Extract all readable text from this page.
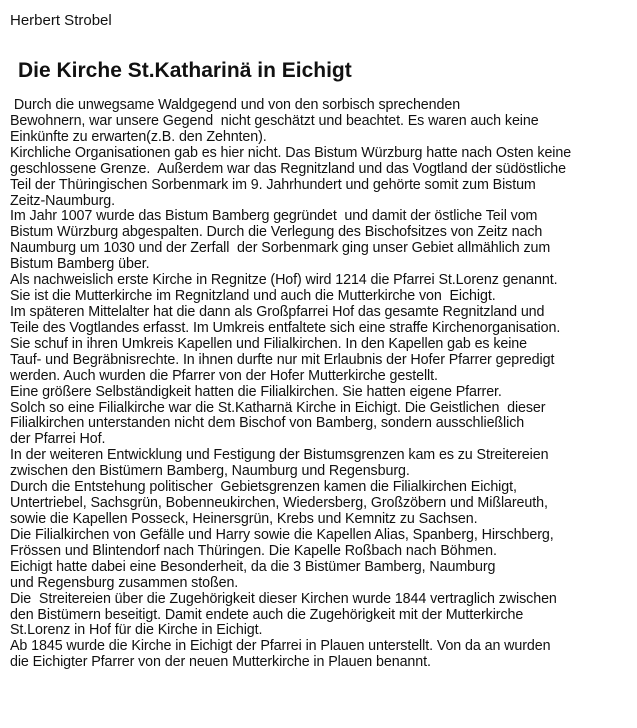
Herbert Strobel
Die Kirche St.Katharinä in Eichigt
Durch die unwegsame Waldgegend und von den sorbisch sprechenden
Bewohnern, war unsere Gegend  nicht geschätzt und beachtet. Es waren auch keine
Einkünfte zu erwarten(z.B. den Zehnten).
Kirchliche Organisationen gab es hier nicht. Das Bistum Würzburg hatte nach Osten keine
geschlossene Grenze.  Außerdem war das Regnitzland und das Vogtland der südöstliche
Teil der Thüringischen Sorbenmark im 9. Jahrhundert und gehörte somit zum Bistum
Zeitz-Naumburg.
Im Jahr 1007 wurde das Bistum Bamberg gegründet  und damit der östliche Teil vom
Bistum Würzburg abgespalten. Durch die Verlegung des Bischofsitzes von Zeitz nach
Naumburg um 1030 und der Zerfall  der Sorbenmark ging unser Gebiet allmählich zum
Bistum Bamberg über.
Als nachweislich erste Kirche in Regnitze (Hof) wird 1214 die Pfarrei St.Lorenz genannt.
Sie ist die Mutterkirche im Regnitzland und auch die Mutterkirche von  Eichigt.
Im späteren Mittelalter hat die dann als Großpfarrei Hof das gesamte Regnitzland und
Teile des Vogtlandes erfasst. Im Umkreis entfaltete sich eine straffe Kirchenorganisation.
Sie schuf in ihren Umkreis Kapellen und Filialkirchen. In den Kapellen gab es keine
Tauf- und Begräbnisrechte. In ihnen durfte nur mit Erlaubnis der Hofer Pfarrer gepredigt
werden. Auch wurden die Pfarrer von der Hofer Mutterkirche gestellt.
Eine größere Selbständigkeit hatten die Filialkirchen. Sie hatten eigene Pfarrer.
Solch so eine Filialkirche war die St.Katharnä Kirche in Eichigt. Die Geistlichen  dieser
Filialkirchen unterstanden nicht dem Bischof von Bamberg, sondern ausschließlich
der Pfarrei Hof.
In der weiteren Entwicklung und Festigung der Bistumsgrenzen kam es zu Streitereien
zwischen den Bistümern Bamberg, Naumburg und Regensburg.
Durch die Entstehung politischer  Gebietsgrenzen kamen die Filialkirchen Eichigt,
Untertriebel, Sachsgrün, Bobenneukirchen, Wiedersberg, Großzöbern und Mißlareuth,
sowie die Kapellen Posseck, Heinersgrün, Krebs und Kemnitz zu Sachsen.
Die Filialkirchen von Gefälle und Harry sowie die Kapellen Alias, Spanberg, Hirschberg,
Frössen und Blintendorf nach Thüringen. Die Kapelle Roßbach nach Böhmen.
Eichigt hatte dabei eine Besonderheit, da die 3 Bistümer Bamberg, Naumburg
und Regensburg zusammen stoßen.
Die  Streitereien über die Zugehörigkeit dieser Kirchen wurde 1844 vertraglich zwischen
den Bistümern beseitigt. Damit endete auch die Zugehörigkeit mit der Mutterkirche
St.Lorenz in Hof für die Kirche in Eichigt.
Ab 1845 wurde die Kirche in Eichigt der Pfarrei in Plauen unterstellt. Von da an wurden
die Eichigter Pfarrer von der neuen Mutterkirche in Plauen benannt.
